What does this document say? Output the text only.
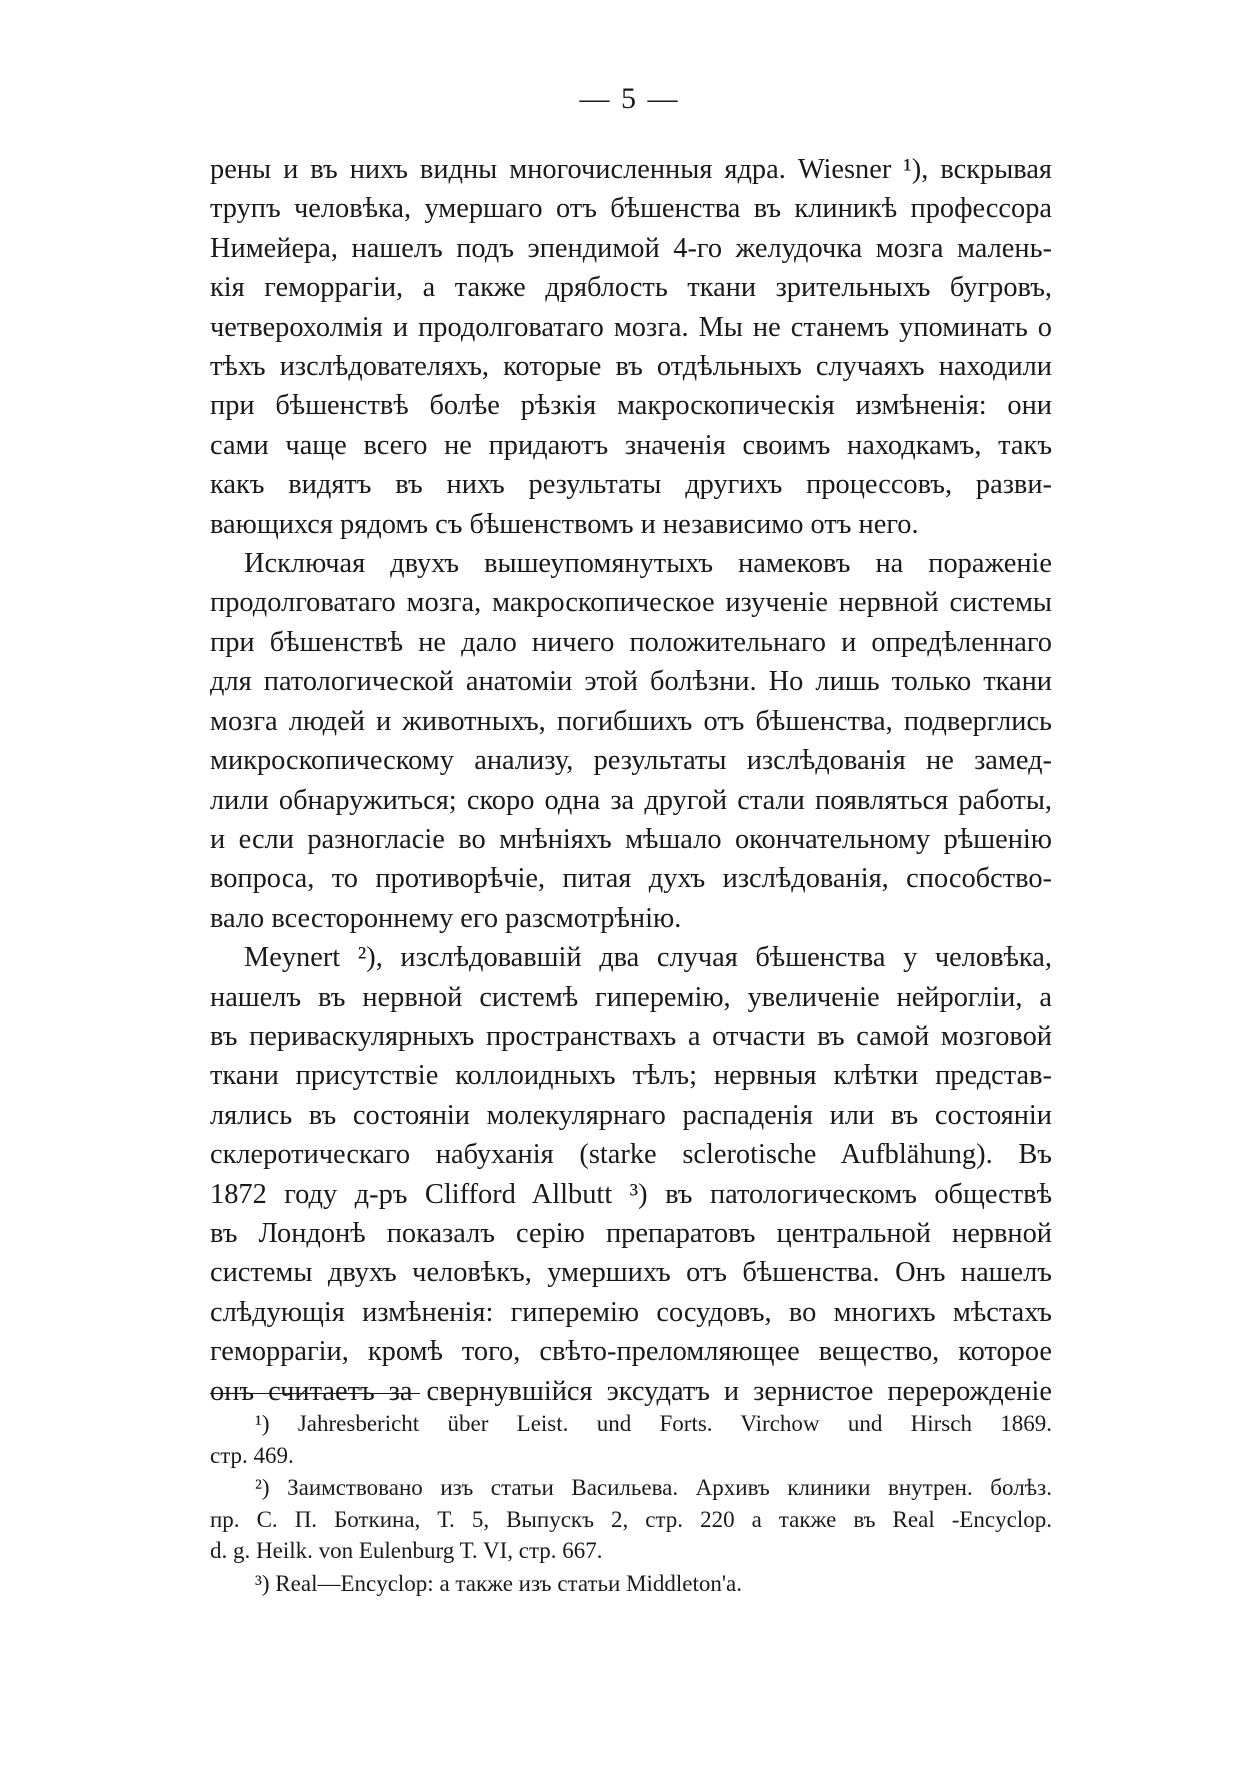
— 5 —

рены и въ нихъ видны многочисленныя ядра. Wiesner ¹), вскрывая
трупъ человѣка, умершаго отъ бѣшенства въ клиникѣ профессора
Нимейера, нашелъ подъ эпендимой 4-го желудочка мозга малень-
кія геморрагіи, а также дряблость ткани зрительныхъ бугровъ,
четверохолмія и продолговатаго мозга. Мы не станемъ упоминать о
тѣхъ изслѣдователяхъ, которые въ отдѣльныхъ случаяхъ находили
при бѣшенствѣ болѣе рѣзкія макроскопическія измѣненія: они
сами чаще всего не придаютъ значенія своимъ находкамъ, такъ
какъ видятъ въ нихъ результаты другихъ процессовъ, разви-
вающихся рядомъ съ бѣшенствомъ и независимо отъ него.

Исключая двухъ вышеупомянутыхъ намековъ на пораженіе
продолговатаго мозга, макроскопическое изученіе нервной системы
при бѣшенствѣ не дало ничего положительнаго и опредѣленнаго
для патологической анатоміи этой болѣзни. Но лишь только ткани
мозга людей и животныхъ, погибшихъ отъ бѣшенства, подверглись
микроскопическому анализу, результаты изслѣдованія не замед-
лили обнаружиться; скоро одна за другой стали появляться работы,
и если разногласіе во мнѣніяхъ мѣшало окончательному рѣшенію
вопроса, то противорѣчіе, питая духъ изслѣдованія, способство-
вало всестороннему его разсмотрѣнію.

Meynert ²), изслѣдовавшій два случая бѣшенства у человѣка,
нашелъ въ нервной системѣ гиперемію, увеличеніе нейрогліи, а
въ периваскулярныхъ пространствахъ а отчасти въ самой мозговой
ткани присутствіе коллоидныхъ тѣлъ; нервныя клѣтки представ-
лялись въ состояніи молекулярнаго распаденія или въ состояніи
склеротическаго набуханія (starke sclerotische Aufblähung). Въ
1872 году д-ръ Clifford Allbutt ³) въ патологическомъ обществѣ
въ Лондонѣ показалъ серію препаратовъ центральной нервной
системы двухъ человѣкъ, умершихъ отъ бѣшенства. Онъ нашелъ
слѣдующія измѣненія: гиперемію сосудовъ, во многихъ мѣстахъ
геморрагіи, кромѣ того, свѣто-преломляющее вещество, которое
онъ считаетъ за свернувшійся эксудатъ и зернистое перерожденіе

¹) Jahresbericht über Leist. und Forts. Virchow und Hirsch 1869.
стр. 469.

²) Заимствовано изъ статьи Васильева. Архивъ клиники внутрен. болѣз.
пр. С. П. Боткина, Т. 5, Выпускъ 2, стр. 220 а также въ Real -Encyclop.
d. g. Heilk. von Eulenburg T. VI, стр. 667.

³) Real—Encyclop: а также изъ статьи Middleton'a.
